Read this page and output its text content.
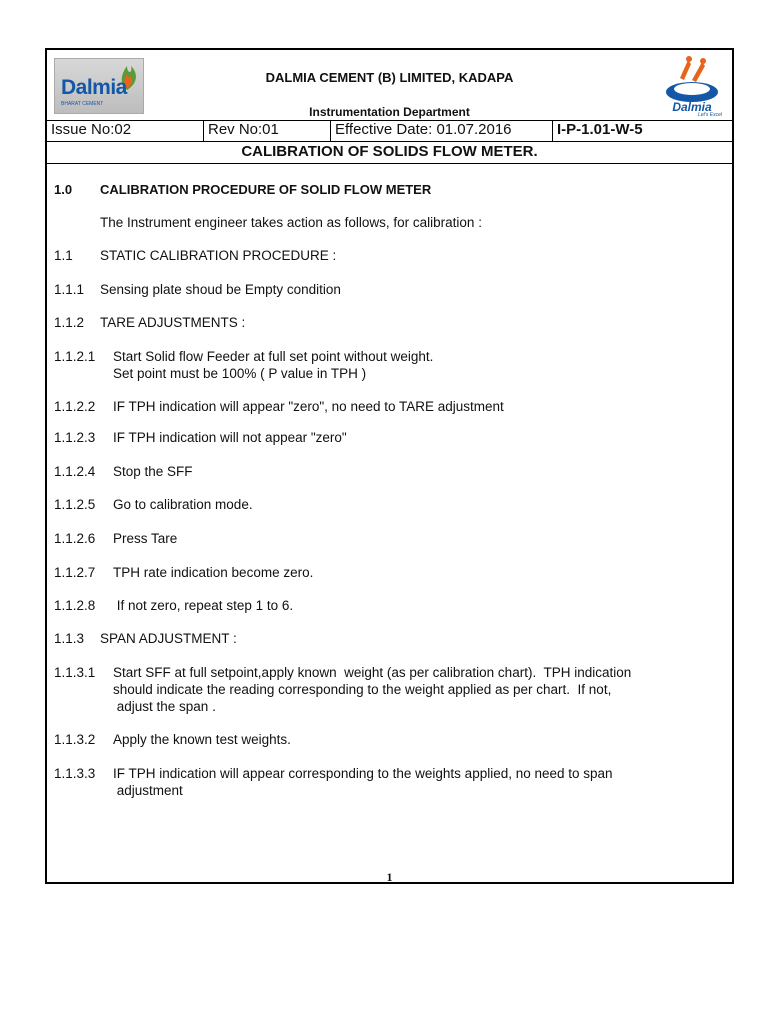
Dalmia
BHARAT CEMENT
DALMIA CEMENT (B) LIMITED, KADAPA
Instrumentation Department	Dalmia
Let's Excel
Issue No:02	Rev No:01	Effective Date: 01.07.2016	I-P-1.01-W-5
CALIBRATION OF SOLIDS FLOW METER.
1.0 CALIBRATION PROCEDURE OF SOLID FLOW METER
The Instrument engineer takes action as follows, for calibration :
1.1 STATIC CALIBRATION PROCEDURE :
1.1.1 Sensing plate shoud be Empty condition
1.1.2 TARE ADJUSTMENTS :
1.1.2.1 Start Solid flow Feeder at full set point without weight.
Set point must be 100% ( P value in TPH )
1.1.2.2 IF TPH indication will appear "zero", no need to TARE adjustment
1.1.2.3 IF TPH indication will not appear "zero"
1.1.2.4 Stop the SFF
1.1.2.5 Go to calibration mode.
1.1.2.6 Press Tare
1.1.2.7 TPH rate indication become zero.
1.1.2.8 If not zero, repeat step 1 to 6.
1.1.3 SPAN ADJUSTMENT :
1.1.3.1 Start SFF at full setpoint,apply known  weight (as per calibration chart).  TPH indication
should indicate the reading corresponding to the weight applied as per chart.  If not,
adjust the span .
1.1.3.2 Apply the known test weights.
1.1.3.3 IF TPH indication will appear corresponding to the weights applied, no need to span
adjustment
1
